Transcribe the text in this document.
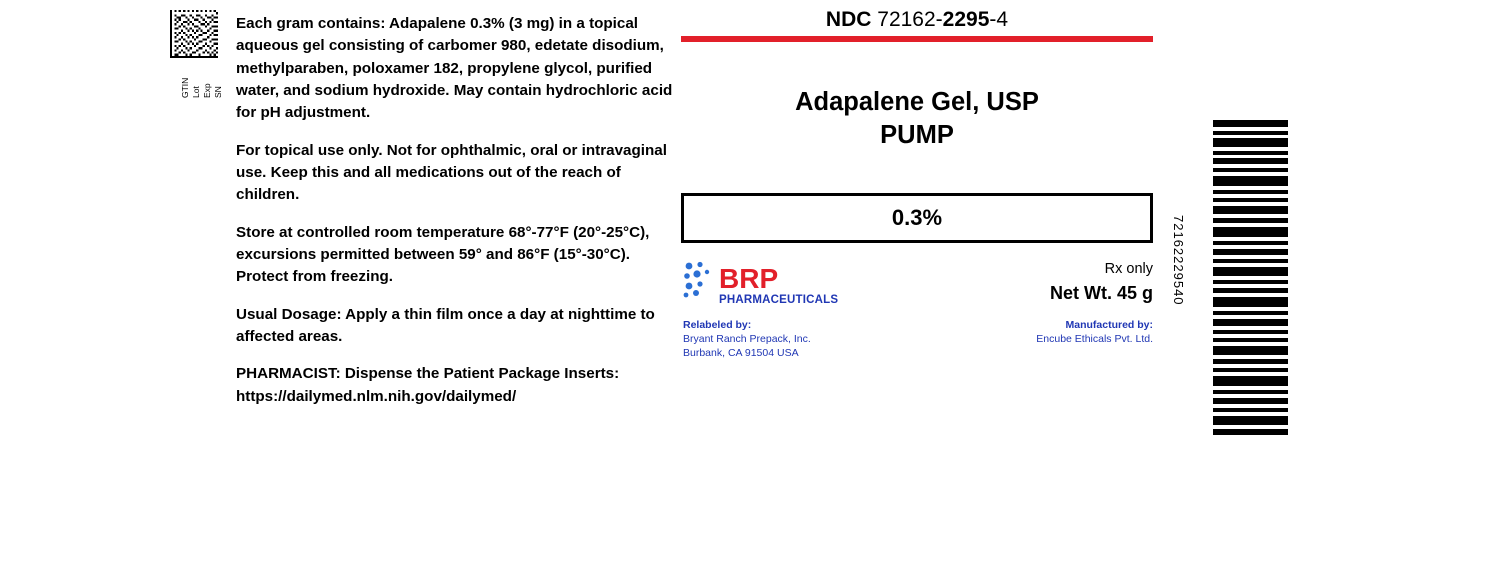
GTIN Lot Exp SN

Each gram contains: Adapalene 0.3% (3 mg) in a topical aqueous gel consisting of carbomer 980, edetate disodium, methylparaben, poloxamer 182, propylene glycol, purified water, and sodium hydroxide. May contain hydrochloric acid for pH adjustment.

For topical use only. Not for ophthalmic, oral or intravaginal use. Keep this and all medications out of the reach of children.

Store at controlled room temperature 68°-77°F (20°-25°C), excursions permitted between 59° and 86°F (15°-30°C). Protect from freezing.

Usual Dosage: Apply a thin film once a day at nighttime to affected areas.

PHARMACIST: Dispense the Patient Package Inserts: https://dailymed.nlm.nih.gov/dailymed/

NDC 72162-2295-4
Adapalene Gel, USP
PUMP
0.3%
BRP
PHARMACEUTICALS
Rx only
Net Wt. 45 g
Relabeled by:
Bryant Ranch Prepack, Inc.
Burbank, CA 91504 USA
Manufactured by:
Encube Ethicals Pvt. Ltd.
72162229540
